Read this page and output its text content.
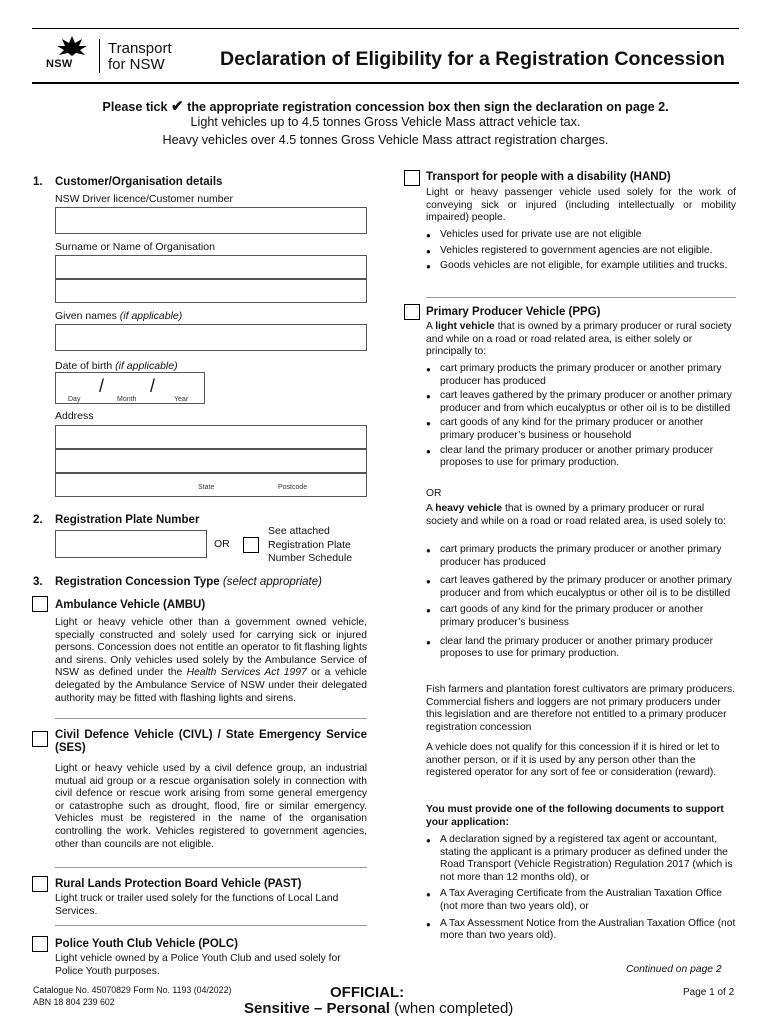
NSW
Transport
for NSW	Declaration of Eligibility for a Registration Concession
Please tick ✔ the appropriate registration concession box then sign the declaration on page 2.
Light vehicles up to 4.5 tonnes Gross Vehicle Mass attract vehicle tax.
Heavy vehicles over 4.5 tonnes Gross Vehicle Mass attract registration charges.
1. Customer/Organisation details
NSW Driver licence/Customer number
Surname or Name of Organisation
Given names (if applicable)
Date of birth (if applicable)
/	/
Day	Month	Year
Address
State	Postcode
2. Registration Plate Number
OR
See attached
Registration Plate
Number Schedule
3. Registration Concession Type (select appropriate)
Ambulance Vehicle (AMBU)
Light or heavy vehicle other than a government owned vehicle, specially constructed and solely used for carrying sick or injured persons. Concession does not entitle an operator to fit flashing lights and sirens. Only vehicles used solely by the Ambulance Service of NSW as defined under the Health Services Act 1997 or a vehicle delegated by the Ambulance Service of NSW under their delegated authority may be fitted with flashing lights and sirens.
Civil Defence Vehicle (CIVL) / State Emergency Service (SES)
Light or heavy vehicle used by a civil defence group, an industrial mutual aid group or a rescue organisation solely in connection with civil defence or rescue work arising from some general emergency or catastrophe such as drought, flood, fire or similar emergency. Vehicles must be registered in the name of the organisation controlling the work. Vehicles registered to government agencies, other than councils are not eligible.
Rural Lands Protection Board Vehicle (PAST)
Light truck or trailer used solely for the functions of Local Land Services.
Police Youth Club Vehicle (POLC)
Light vehicle owned by a Police Youth Club and used solely for Police Youth purposes.
Transport for people with a disability (HAND)
Light or heavy passenger vehicle used solely for the work of conveying sick or injured (including intellectually or mobility impaired) people.
● Vehicles used for private use are not eligible
● Vehicles registered to government agencies are not eligible.
● Goods vehicles are not eligible, for example utilities and trucks.
Primary Producer Vehicle (PPG)
A light vehicle that is owned by a primary producer or rural society and while on a road or road related area, is either solely or principally to:
● cart primary products the primary producer or another primary producer has produced
● cart leaves gathered by the primary producer or another primary producer and from which eucalyptus or other oil is to be distilled
● cart goods of any kind for the primary producer or another primary producer’s business or household
● clear land the primary producer or another primary producer proposes to use for primary production.
OR
A heavy vehicle that is owned by a primary producer or rural society and while on a road or road related area, is used solely to:
● cart primary products the primary producer or another primary producer has produced
● cart leaves gathered by the primary producer or another primary producer and from which eucalyptus or other oil is to be distilled
● cart goods of any kind for the primary producer or another primary producer’s business
● clear land the primary producer or another primary producer proposes to use for primary production.
Fish farmers and plantation forest cultivators are primary producers. Commercial fishers and loggers are not primary producers under this legislation and are therefore not entitled to a primary producer registration concession
A vehicle does not qualify for this concession if it is hired or let to another person, or if it is used by any person other than the registered operator for any sort of fee or consideration (reward).
You must provide one of the following documents to support your application:
● A declaration signed by a registered tax agent or accountant, stating the applicant is a primary producer as defined under the Road Transport (Vehicle Registration) Regulation 2017 (which is not more than 12 months old), or
● A Tax Averaging Certificate from the Australian Taxation Office (not more than two years old), or
● A Tax Assessment Notice from the Australian Taxation Office (not more than two years old).
Continued on page 2
Catalogue No. 45070829 Form No. 1193 (04/2022)
ABN 18 804 239 602
OFFICIAL:
Sensitive – Personal (when completed)
Page 1 of 2
